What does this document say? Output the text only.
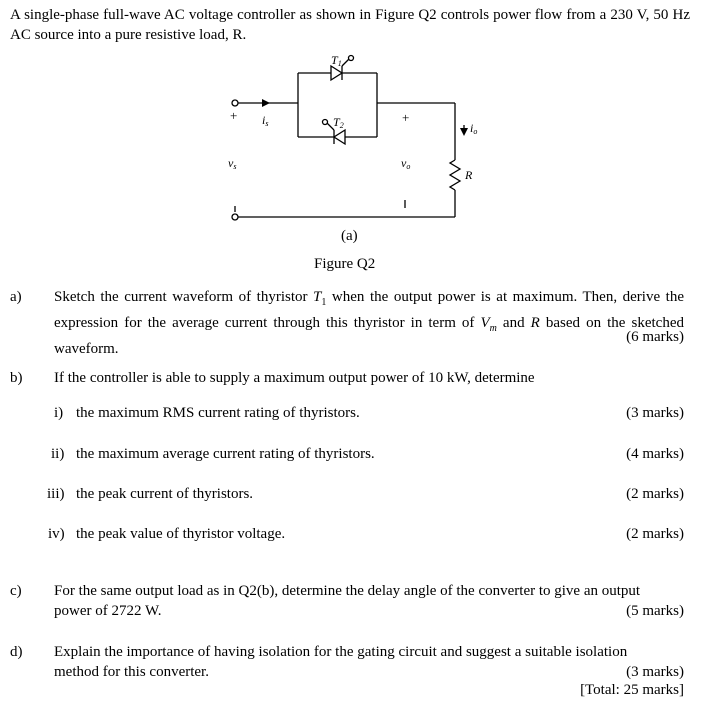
A single-phase full-wave AC voltage controller as shown in Figure Q2 controls power flow from a 230 V, 50 Hz AC source into a pure resistive load, R.
T1
T2
+ is
vs
+
vo
io
R
(a)
Figure Q2
a) Sketch the current waveform of thyristor $T_1$ when the output power is at maximum. Then, derive the expression for the average current through this thyristor in term of $V_m$ and R based on the sketched waveform.
(6 marks)
b) If the controller is able to supply a maximum output power of 10 kW, determine
i) the maximum RMS current rating of thyristors.	(3 marks)
ii) the maximum average current rating of thyristors.	(4 marks)
iii) the peak current of thyristors.	(2 marks)
iv) the peak value of thyristor voltage.	(2 marks)
c) For the same output load as in Q2(b), determine the delay angle of the converter to give an output
power of 2722 W.	(5 marks)
d) Explain the importance of having isolation for the gating circuit and suggest a suitable isolation
method for this converter.	(3 marks)
[Total: 25 marks]
